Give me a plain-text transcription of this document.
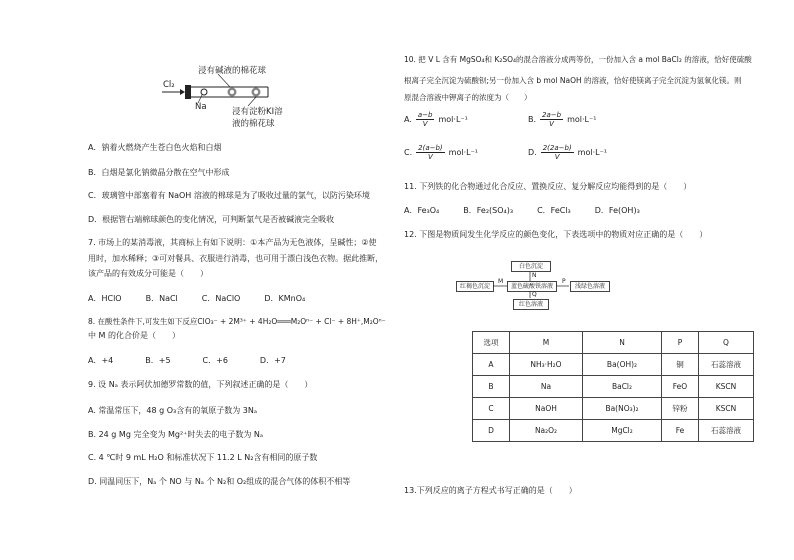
浸有碱液的棉花球
Cl₂
Na	浸有淀粉KI溶
液的棉花球
A．钠着火燃烧产生苍白色火焰和白烟
B．白烟是氯化钠微晶分散在空气中形成
C．玻璃管中部塞着有 NaOH 溶液的棉球是为了吸收过量的氯气，以防污染环境
D．根据管右端棉球颜色的变化情况，可判断氯气是否被碱液完全吸收
7. 市场上的某消毒液，其商标上有如下说明：①本产品为无色液体，呈碱性；②使
用时，加水稀释；③可对餐具、衣服进行消毒，也可用于漂白浅色衣物。据此推断，
该产品的有效成分可能是（　　）
A．HClO　　　B．NaCl　　　C．NaClO　　　D．KMnO₄
8. 在酸性条件下,可发生如下反应ClO₃⁻ + 2M³⁺ + 4H₂O═══M₂Oⁿ⁻ + Cl⁻ + 8H⁺,M₂Oⁿ⁻
中 M 的化合价是（　　）
A．+4　　　　B．+5　　　　C．+6　　　　D．+7
9. 设 Nₐ 表示阿伏加德罗常数的值，下列叙述正确的是（　　）
A. 常温常压下，48 g O₃含有的氧原子数为 3Nₐ
B. 24 g Mg 完全变为 Mg²⁺时失去的电子数为 Nₐ
C. 4 ℃时 9 mL H₂O 和标准状况下 11.2 L N₂含有相同的原子数
D. 同温同压下，Nₐ 个 NO 与 Nₐ 个 N₂和 O₂组成的混合气体的体积不相等
10. 把 V L 含有 MgSO₄和 K₂SO₄的混合溶液分成两等份，一份加入含 a mol BaCl₂ 的溶液，恰好使硫酸
根离子完全沉淀为硫酸钡;另一份加入含 b mol NaOH 的溶液，恰好使镁离子完全沉淀为氢氧化镁。则
原混合溶液中钾离子的浓度为（　　）
A. $\frac{a-b}{V} mol\cdot L^{-1}$	B. $\frac{2a-b}{V} mol\cdot L^{-1}$
C. $\frac{2(a-b)}{V} mol\cdot L^{-1}$	D. $\frac{2(2a-b)}{V} mol\cdot L^{-1}$
11. 下列铁的化合物通过化合反应、置换反应、复分解反应均能得到的是（　　）
A．Fe₃O₄　　　B．Fe₂(SO₄)₃　　　C．FeCl₃　　　D．Fe(OH)₃
12. 下图是物质间发生化学反应的颜色变化，下表选项中的物质对应正确的是（　　）
白色沉淀
红褐色沉淀	蓝色硫酸铁溶液	浅绿色溶液
红色溶液
N
M	P
Q
选项	M	N	P	Q
A	NH₃·H₂O	Ba(OH)₂	铜	石蕊溶液
B	Na	BaCl₂	FeO	KSCN
C	NaOH	Ba(NO₃)₂	锌粉	KSCN
D	Na₂O₂	MgCl₂	Fe	石蕊溶液
13.下列反应的离子方程式书写正确的是（　　）
